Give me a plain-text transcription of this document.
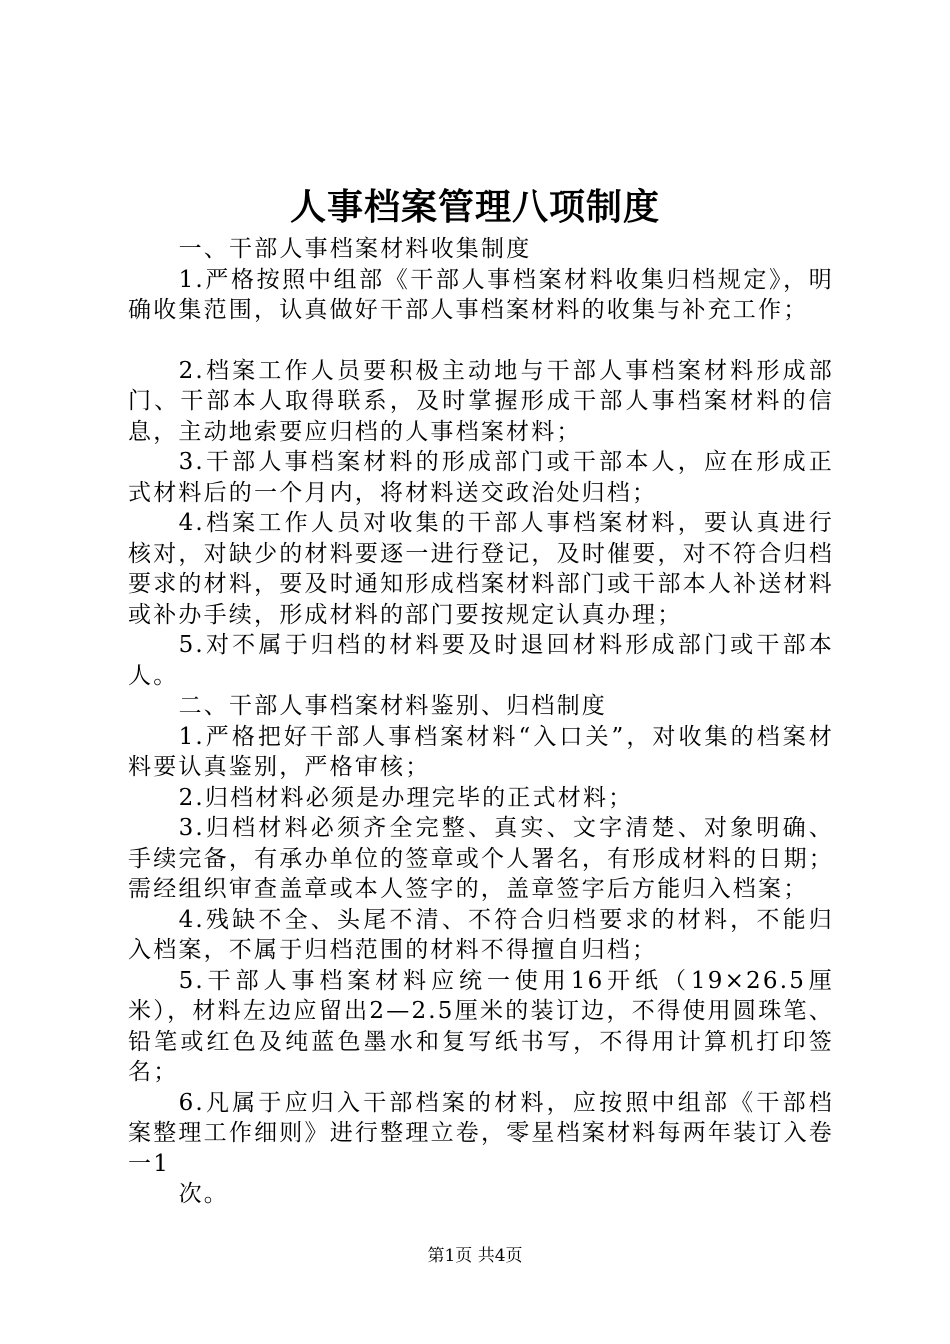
人事档案管理八项制度

一、干部人事档案材料收集制度

1.严格按照中组部《干部人事档案材料收集归档规定》，明确收集范围，认真做好干部人事档案材料的收集与补充工作；

2.档案工作人员要积极主动地与干部人事档案材料形成部门、干部本人取得联系，及时掌握形成干部人事档案材料的信息，主动地索要应归档的人事档案材料；

3.干部人事档案材料的形成部门或干部本人，应在形成正式材料后的一个月内，将材料送交政治处归档；

4.档案工作人员对收集的干部人事档案材料，要认真进行核对，对缺少的材料要逐一进行登记，及时催要，对不符合归档要求的材料，要及时通知形成档案材料部门或干部本人补送材料或补办手续，形成材料的部门要按规定认真办理；

5.对不属于归档的材料要及时退回材料形成部门或干部本人。

二、干部人事档案材料鉴别、归档制度

1.严格把好干部人事档案材料“入口关”，对收集的档案材料要认真鉴别，严格审核；

2.归档材料必须是办理完毕的正式材料；

3.归档材料必须齐全完整、真实、文字清楚、对象明确、手续完备，有承办单位的签章或个人署名，有形成材料的日期；需经组织审查盖章或本人签字的，盖章签字后方能归入档案；

4.残缺不全、头尾不清、不符合归档要求的材料，不能归入档案，不属于归档范围的材料不得擅自归档；

5.干部人事档案材料应统一使用16开纸（19×26.5厘米），材料左边应留出2—2.5厘米的装订边，不得使用圆珠笔、铅笔或红色及纯蓝色墨水和复写纸书写，不得用计算机打印签名；

6.凡属于应归入干部档案的材料，应按照中组部《干部档案整理工作细则》进行整理立卷，零星档案材料每两年装订入卷一1

次。

第1页 共4页
